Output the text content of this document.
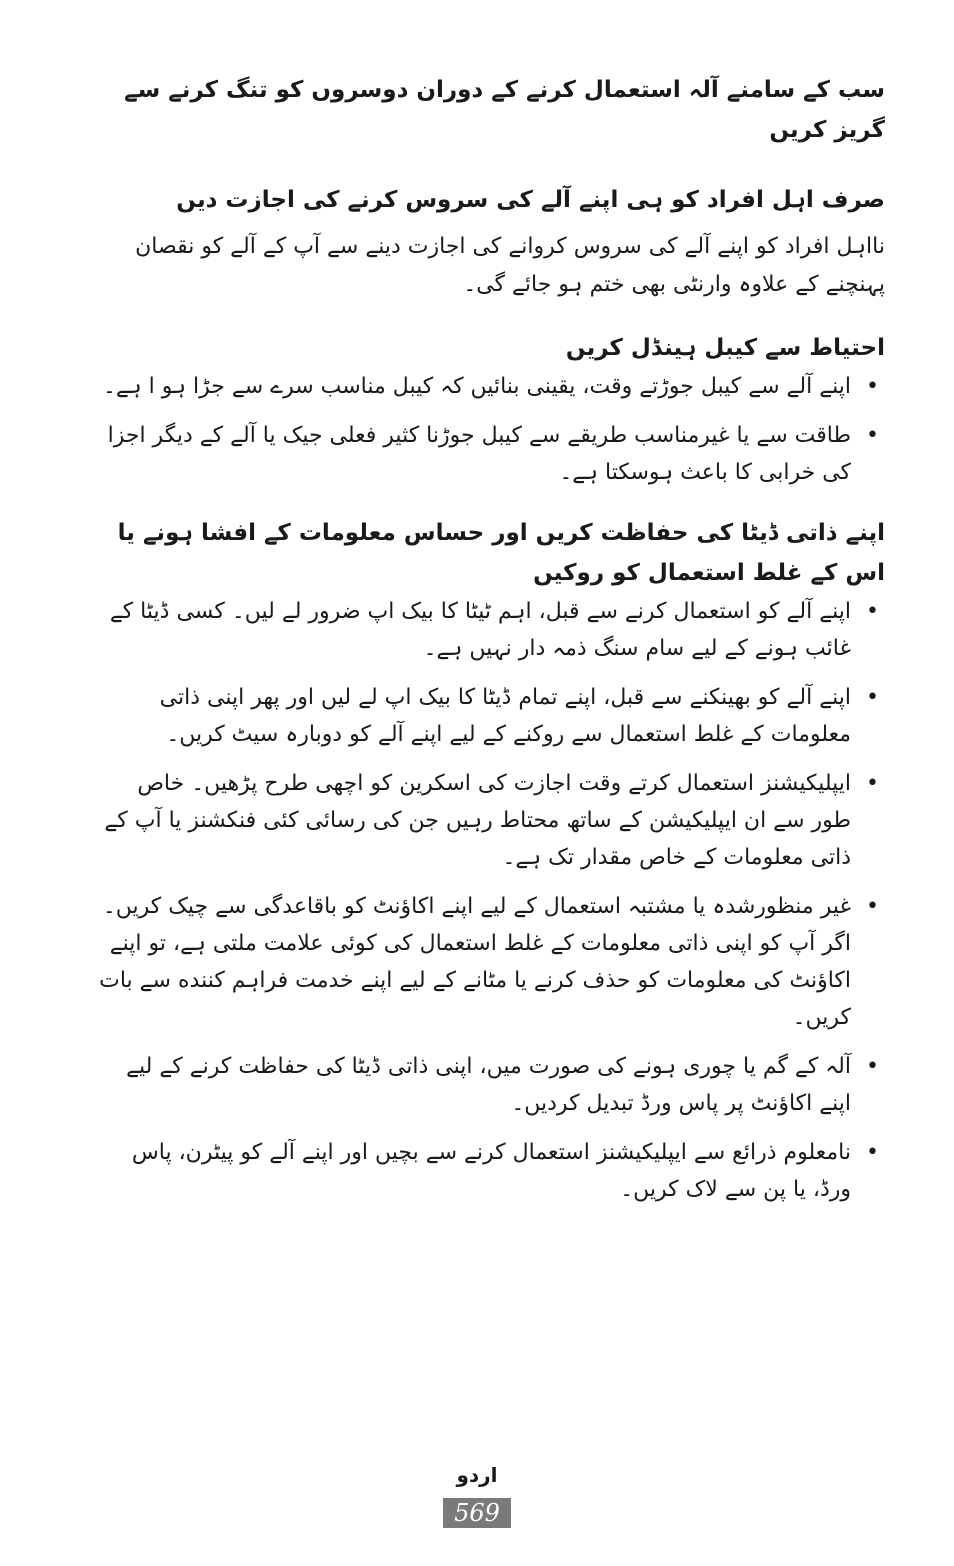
سب کے سامنے آلہ استعمال کرنے کے دوران دوسروں کو تنگ کرنے سے گریز کریں

صرف اہل افراد کو ہی اپنے آلے کی سروس کرنے کی اجازت دیں

نااہل افراد کو اپنے آلے کی سروس کروانے کی اجازت دینے سے آپ کے آلے کو نقصان پہنچنے کے علاوہ وارنٹی بھی ختم ہو جائے گی۔

احتیاط سے کیبل ہینڈل کریں

•
اپنے آلے سے کیبل جوڑتے وقت، یقینی بنائیں کہ کیبل مناسب سرے سے جڑا ہو ا ہے۔
•
طاقت سے یا غیرمناسب طریقے سے کیبل جوڑنا کثیر فعلی جیک یا آلے کے دیگر اجزا کی خرابی کا باعث ہوسکتا ہے۔

اپنے ذاتی ڈیٹا کی حفاظت کریں اور حساس معلومات کے افشا ہونے یا اس کے غلط استعمال کو روکیں

•
اپنے آلے کو استعمال کرنے سے قبل، اہم ٹیٹا کا بیک اپ ضرور لے لیں۔ کسی ڈیٹا کے غائب ہونے کے لیے سام سنگ ذمہ دار نہیں ہے۔
•
اپنے آلے کو بھینکنے سے قبل، اپنے تمام ڈیٹا کا بیک اپ لے لیں اور پھر اپنی ذاتی معلومات کے غلط استعمال سے روکنے کے لیے اپنے آلے کو دوبارہ سیٹ کریں۔
•
ایپلیکیشنز استعمال کرتے وقت اجازت کی اسکرین کو اچھی طرح پڑھیں۔ خاص طور سے ان ایپلیکیشن کے ساتھ محتاط رہیں جن کی رسائی کئی فنکشنز یا آپ کے ذاتی معلومات کے خاص مقدار تک ہے۔
•
غیر منظورشدہ یا مشتبہ استعمال کے لیے اپنے اکاؤنٹ کو باقاعدگی سے چیک کریں۔ اگر آپ کو اپنی ذاتی معلومات کے غلط استعمال کی کوئی علامت ملتی ہے، تو اپنے اکاؤنٹ کی معلومات کو حذف کرنے یا مٹانے کے لیے اپنے خدمت فراہم کننده سے بات کریں۔
•
آلہ کے گم یا چوری ہونے کی صورت میں، اپنی ذاتی ڈیٹا کی حفاظت کرنے کے لیے اپنے اکاؤنٹ پر پاس ورڈ تبدیل کردیں۔
•
نامعلوم ذرائع سے ایپلیکیشنز استعمال کرنے سے بچیں اور اپنے آلے کو پیٹرن، پاس ورڈ، یا پن سے لاک کریں۔
اردو
569
